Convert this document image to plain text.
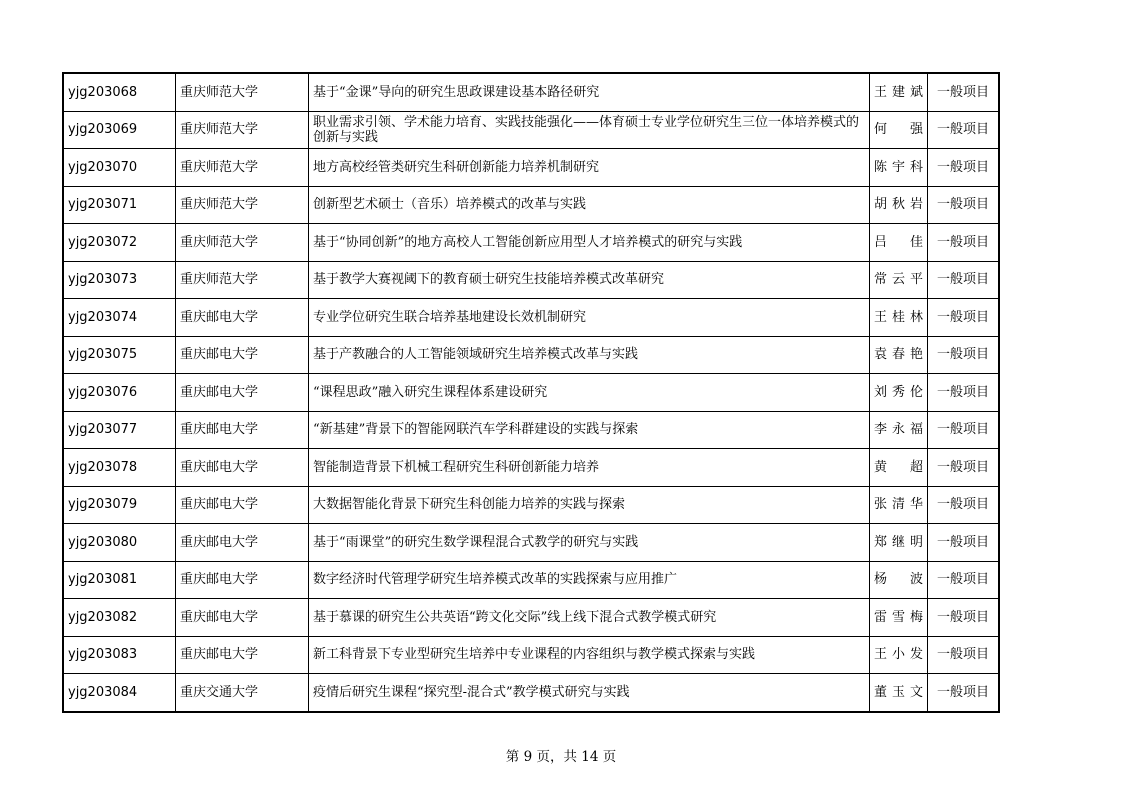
yjg203068	重庆师范大学	基于“金课”导向的研究生思政课建设基本路径研究	王建斌	一般项目
yjg203069	重庆师范大学	职业需求引领、学术能力培育、实践技能强化——体育硕士专业学位研究生三位一体培养模式的创新与实践	何　强	一般项目
yjg203070	重庆师范大学	地方高校经管类研究生科研创新能力培养机制研究	陈宇科	一般项目
yjg203071	重庆师范大学	创新型艺术硕士（音乐）培养模式的改革与实践	胡秋岩	一般项目
yjg203072	重庆师范大学	基于“协同创新”的地方高校人工智能创新应用型人才培养模式的研究与实践	吕　佳	一般项目
yjg203073	重庆师范大学	基于教学大赛视阈下的教育硕士研究生技能培养模式改革研究	常云平	一般项目
yjg203074	重庆邮电大学	专业学位研究生联合培养基地建设长效机制研究	王桂林	一般项目
yjg203075	重庆邮电大学	基于产教融合的人工智能领域研究生培养模式改革与实践	袁春艳	一般项目
yjg203076	重庆邮电大学	“课程思政”融入研究生课程体系建设研究	刘秀伦	一般项目
yjg203077	重庆邮电大学	“新基建”背景下的智能网联汽车学科群建设的实践与探索	李永福	一般项目
yjg203078	重庆邮电大学	智能制造背景下机械工程研究生科研创新能力培养	黄　超	一般项目
yjg203079	重庆邮电大学	大数据智能化背景下研究生科创能力培养的实践与探索	张清华	一般项目
yjg203080	重庆邮电大学	基于“雨课堂”的研究生数学课程混合式教学的研究与实践	郑继明	一般项目
yjg203081	重庆邮电大学	数字经济时代管理学研究生培养模式改革的实践探索与应用推广	杨　波	一般项目
yjg203082	重庆邮电大学	基于慕课的研究生公共英语“跨文化交际”线上线下混合式教学模式研究	雷雪梅	一般项目
yjg203083	重庆邮电大学	新工科背景下专业型研究生培养中专业课程的内容组织与教学模式探索与实践	王小发	一般项目
yjg203084	重庆交通大学	疫情后研究生课程“探究型-混合式”教学模式研究与实践	董玉文	一般项目
第 9 页，共 14 页
